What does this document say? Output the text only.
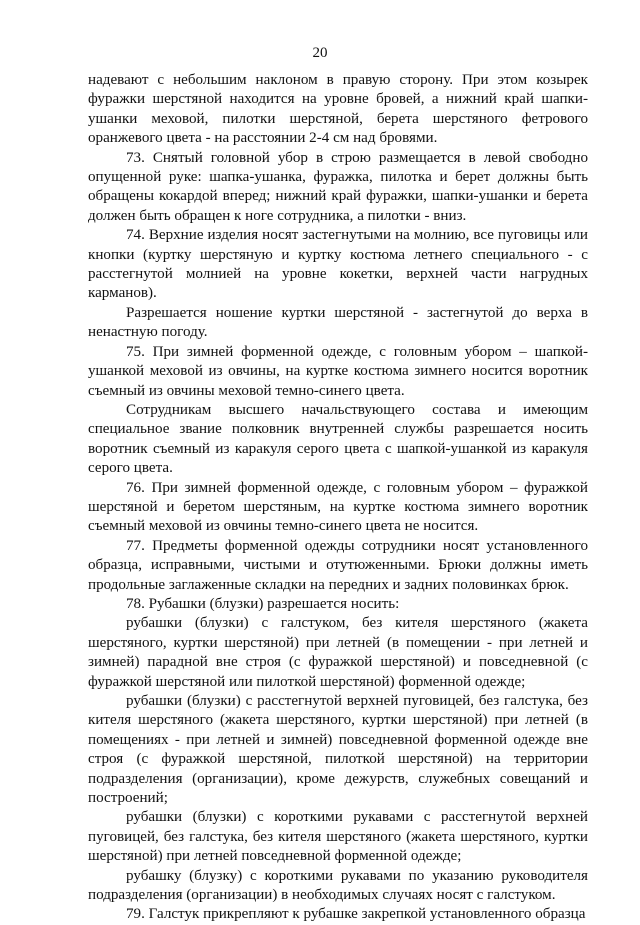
20

надевают с небольшим наклоном в правую сторону. При этом козырек фуражки шерстяной находится на уровне бровей, а нижний край шапки-ушанки меховой, пилотки шерстяной, берета шерстяного фетрового оранжевого цвета - на расстоянии 2-4 см над бровями.

73. Снятый головной убор в строю размещается в левой свободно опущенной руке: шапка-ушанка, фуражка, пилотка и берет должны быть обращены кокардой вперед; нижний край фуражки, шапки-ушанки и берета должен быть обращен к ноге сотрудника, а пилотки - вниз.

74. Верхние изделия носят застегнутыми на молнию, все пуговицы или кнопки (куртку шерстяную и куртку костюма летнего специального - с расстегнутой молнией на уровне кокетки, верхней части нагрудных карманов).

Разрешается ношение куртки шерстяной - застегнутой до верха в ненастную погоду.

75. При зимней форменной одежде, с головным убором – шапкой-ушанкой меховой из овчины, на куртке костюма зимнего носится воротник съемный из овчины меховой темно-синего цвета.

Сотрудникам высшего начальствующего состава и имеющим специальное звание полковник внутренней службы разрешается носить воротник съемный из каракуля серого цвета с шапкой-ушанкой из каракуля серого цвета.

76. При зимней форменной одежде, с головным убором – фуражкой шерстяной и беретом шерстяным, на куртке костюма зимнего воротник съемный меховой из овчины темно-синего цвета не носится.

77. Предметы форменной одежды сотрудники носят установленного образца, исправными, чистыми и отутюженными. Брюки должны иметь продольные заглаженные складки на передних и задних половинках брюк.

78. Рубашки (блузки) разрешается носить:

рубашки (блузки) с галстуком, без кителя шерстяного (жакета шерстяного, куртки шерстяной) при летней (в помещении - при летней и зимней) парадной вне строя (с фуражкой шерстяной) и повседневной (с фуражкой шерстяной или пилоткой шерстяной) форменной одежде;

рубашки (блузки) с расстегнутой верхней пуговицей, без галстука, без кителя шерстяного (жакета шерстяного, куртки шерстяной) при летней (в помещениях - при летней и зимней) повседневной форменной одежде вне строя (с фуражкой шерстяной, пилоткой шерстяной) на территории подразделения (организации), кроме дежурств, служебных совещаний и построений;

рубашки (блузки) с короткими рукавами с расстегнутой верхней пуговицей, без галстука, без кителя шерстяного (жакета шерстяного, куртки шерстяной) при летней повседневной форменной одежде;

рубашку (блузку) с короткими рукавами по указанию руководителя подразделения (организации) в необходимых случаях носят с галстуком.

79. Галстук прикрепляют к рубашке закрепкой установленного образца
